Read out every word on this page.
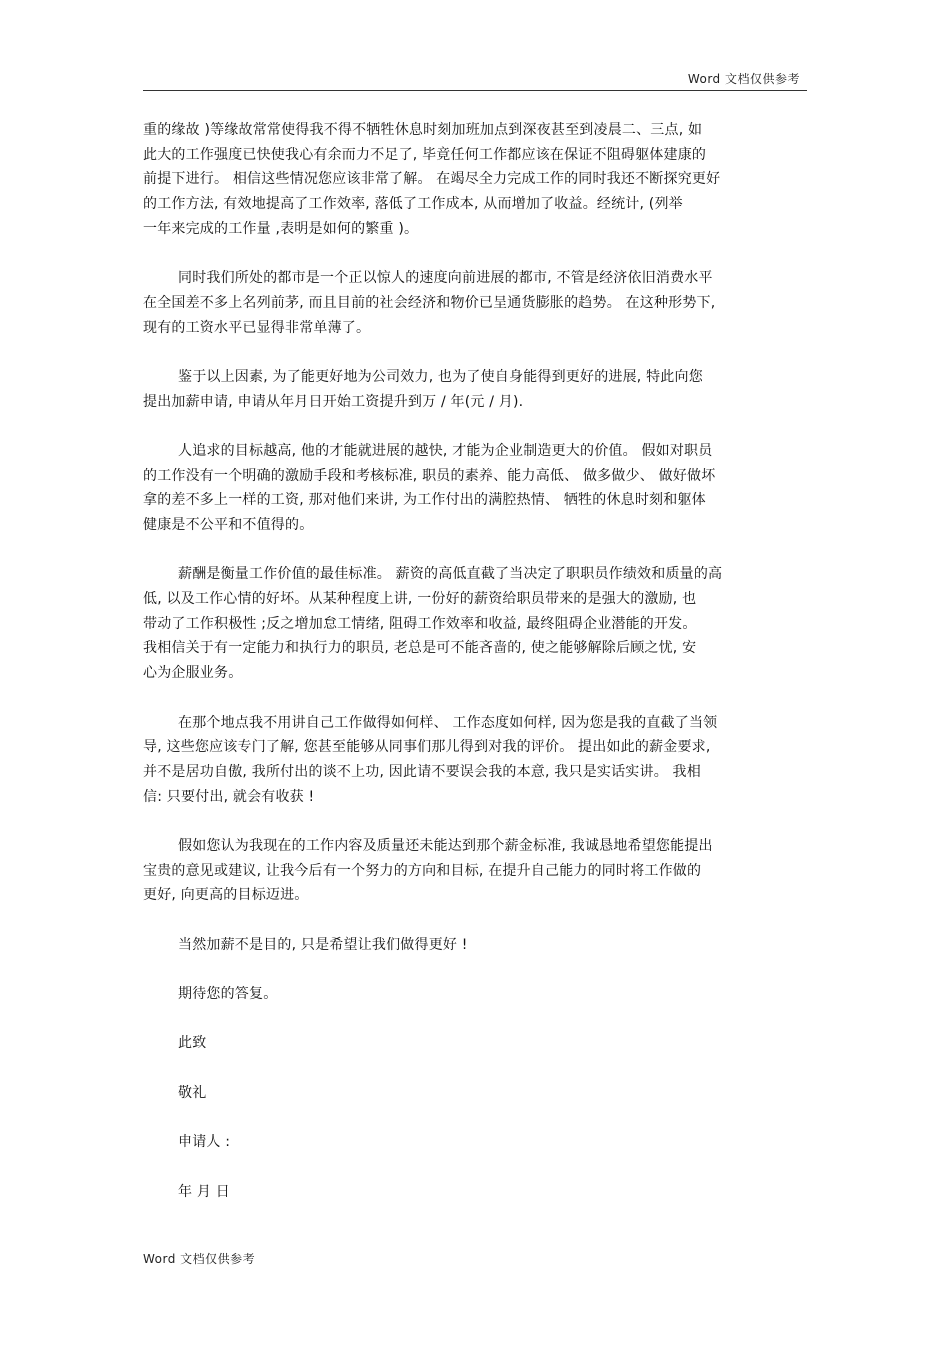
Word 文档仅供参考
重的缘故 )等缘故常常使得我不得不牺牲休息时刻加班加点到深夜甚至到凌晨二、三点, 如
此大的工作强度已快使我心有余而力不足了, 毕竟任何工作都应该在保证不阻碍躯体建康的
前提下进行。 相信这些情况您应该非常了解。 在竭尽全力完成工作的同时我还不断探究更好
的工作方法, 有效地提高了工作效率, 落低了工作成本, 从而增加了收益。经统计, (列举
一年来完成的工作量 ,表明是如何的繁重 )。
同时我们所处的都市是一个正以惊人的速度向前进展的都市, 不管是经济依旧消费水平
在全国差不多上名列前茅, 而且目前的社会经济和物价已呈通货膨胀的趋势。 在这种形势下,
现有的工资水平已显得非常单薄了。
鉴于以上因素, 为了能更好地为公司效力, 也为了使自身能得到更好的进展, 特此向您
提出加薪申请, 申请从年月日开始工资提升到万 / 年(元 / 月).
人追求的目标越高, 他的才能就进展的越快, 才能为企业制造更大的价值。 假如对职员
的工作没有一个明确的激励手段和考核标准, 职员的素养、能力高低、 做多做少、 做好做坏
拿的差不多上一样的工资, 那对他们来讲, 为工作付出的满腔热情、 牺牲的休息时刻和躯体
健康是不公平和不值得的。
薪酬是衡量工作价值的最佳标准。 薪资的高低直截了当决定了职职员作绩效和质量的高
低, 以及工作心情的好坏。从某种程度上讲, 一份好的薪资给职员带来的是强大的激励, 也
带动了工作积极性 ;反之增加怠工情绪, 阻碍工作效率和收益, 最终阻碍企业潜能的开发。
我相信关于有一定能力和执行力的职员, 老总是可不能吝啬的, 使之能够解除后顾之忧, 安
心为企服业务。
在那个地点我不用讲自己工作做得如何样、 工作态度如何样, 因为您是我的直截了当领
导, 这些您应该专门了解, 您甚至能够从同事们那儿得到对我的评价。 提出如此的薪金要求,
并不是居功自傲, 我所付出的谈不上功, 因此请不要误会我的本意, 我只是实话实讲。 我相
信: 只要付出, 就会有收获 !
假如您认为我现在的工作内容及质量还未能达到那个薪金标准, 我诚恳地希望您能提出
宝贵的意见或建议, 让我今后有一个努力的方向和目标, 在提升自己能力的同时将工作做的
更好, 向更高的目标迈进。
当然加薪不是目的, 只是希望让我们做得更好 !
期待您的答复。
此致
敬礼
申请人 :
年 月 日
Word 文档仅供参考
